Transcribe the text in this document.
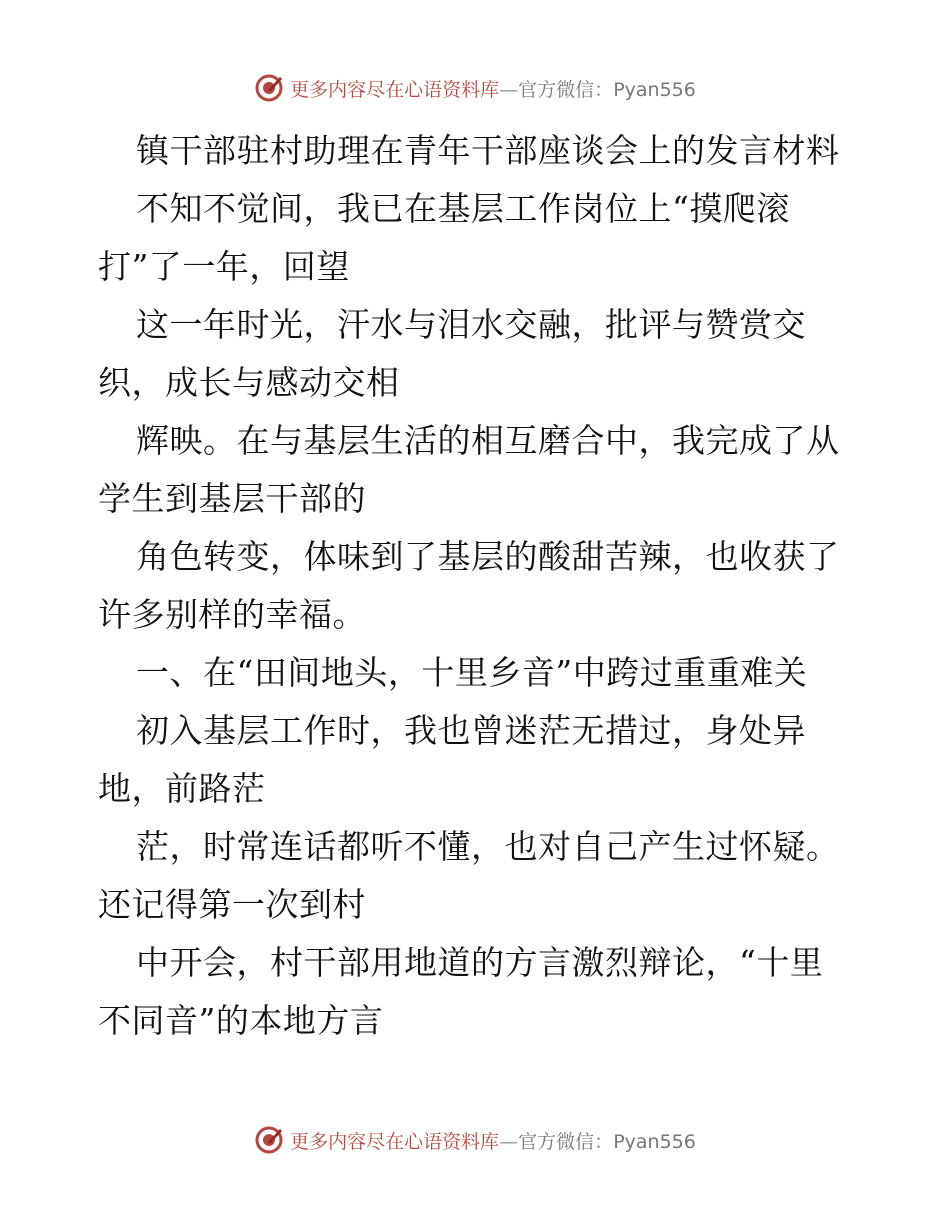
更多内容尽在心语资料库—官方微信：Pyan556
镇干部驻村助理在青年干部座谈会上的发言材料
不知不觉间，我已在基层工作岗位上“摸爬滚
打”了一年，回望
这一年时光，汗水与泪水交融，批评与赞赏交
织，成长与感动交相
辉映。在与基层生活的相互磨合中，我完成了从
学生到基层干部的
角色转变，体味到了基层的酸甜苦辣，也收获了
许多别样的幸福。
一、在“田间地头，十里乡音”中跨过重重难关
初入基层工作时，我也曾迷茫无措过，身处异
地，前路茫
茫，时常连话都听不懂，也对自己产生过怀疑。
还记得第一次到村
中开会，村干部用地道的方言激烈辩论，“十里
不同音”的本地方言
更多内容尽在心语资料库—官方微信：Pyan556
